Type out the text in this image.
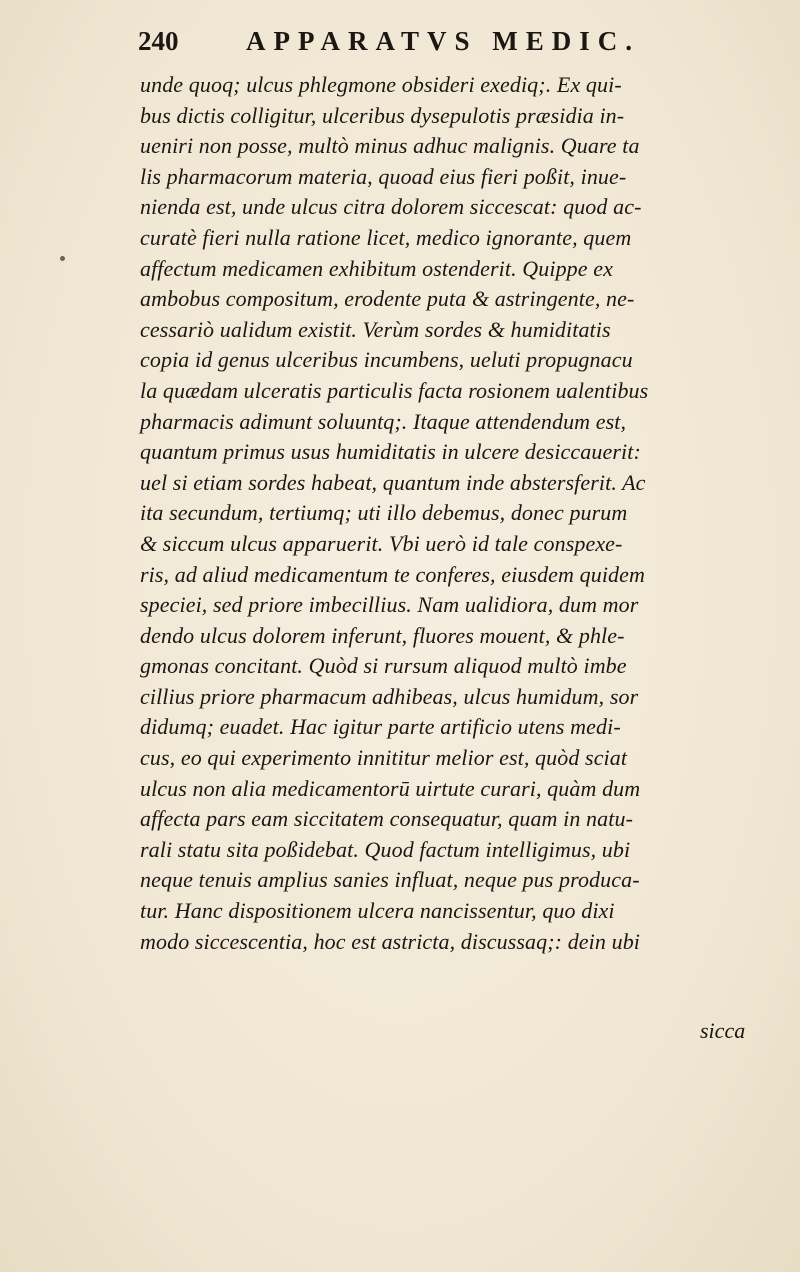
240	APPARATVS MEDIC.
unde quoq; ulcus phlegmone obsideri exediq;. Ex qui-
bus dictis colligitur, ulceribus dysepulotis præsidia in-
ueniri non posse, multò minus adhuc malignis. Quare ta
lis pharmacorum materia, quoad eius fieri poßit, inue-
nienda est, unde ulcus citra dolorem siccescat: quod ac-
curatè fieri nulla ratione licet, medico ignorante, quem
affectum medicamen exhibitum ostenderit. Quippe ex
ambobus compositum, erodente puta & astringente, ne-
cessariò ualidum existit. Verùm sordes & humiditatis
copia id genus ulceribus incumbens, ueluti propugnacu
la quædam ulceratis particulis facta rosionem ualentibus
pharmacis adimunt soluuntq;. Itaque attendendum est,
quantum primus usus humiditatis in ulcere desiccauerit:
uel si etiam sordes habeat, quantum inde abstersferit. Ac
ita secundum, tertiumq; uti illo debemus, donec purum
& siccum ulcus apparuerit. Vbi uerò id tale conspexe-
ris, ad aliud medicamentum te conferes, eiusdem quidem
speciei, sed priore imbecillius. Nam ualidiora, dum mor
dendo ulcus dolorem inferunt, fluores mouent, & phle-
gmonas concitant. Quòd si rursum aliquod multò imbe
cillius priore pharmacum adhibeas, ulcus humidum, sor
didumq; euadet. Hac igitur parte artificio utens medi-
cus, eo qui experimento innititur melior est, quòd sciat
ulcus non alia medicamentorū uirtute curari, quàm dum
affecta pars eam siccitatem consequatur, quam in natu-
rali statu sita poßidebat. Quod factum intelligimus, ubi
neque tenuis amplius sanies influat, neque pus produca-
tur. Hanc dispositionem ulcera nancissentur, quo dixi
modo siccescentia, hoc est astricta, discussaq;: dein ubi
sicca
